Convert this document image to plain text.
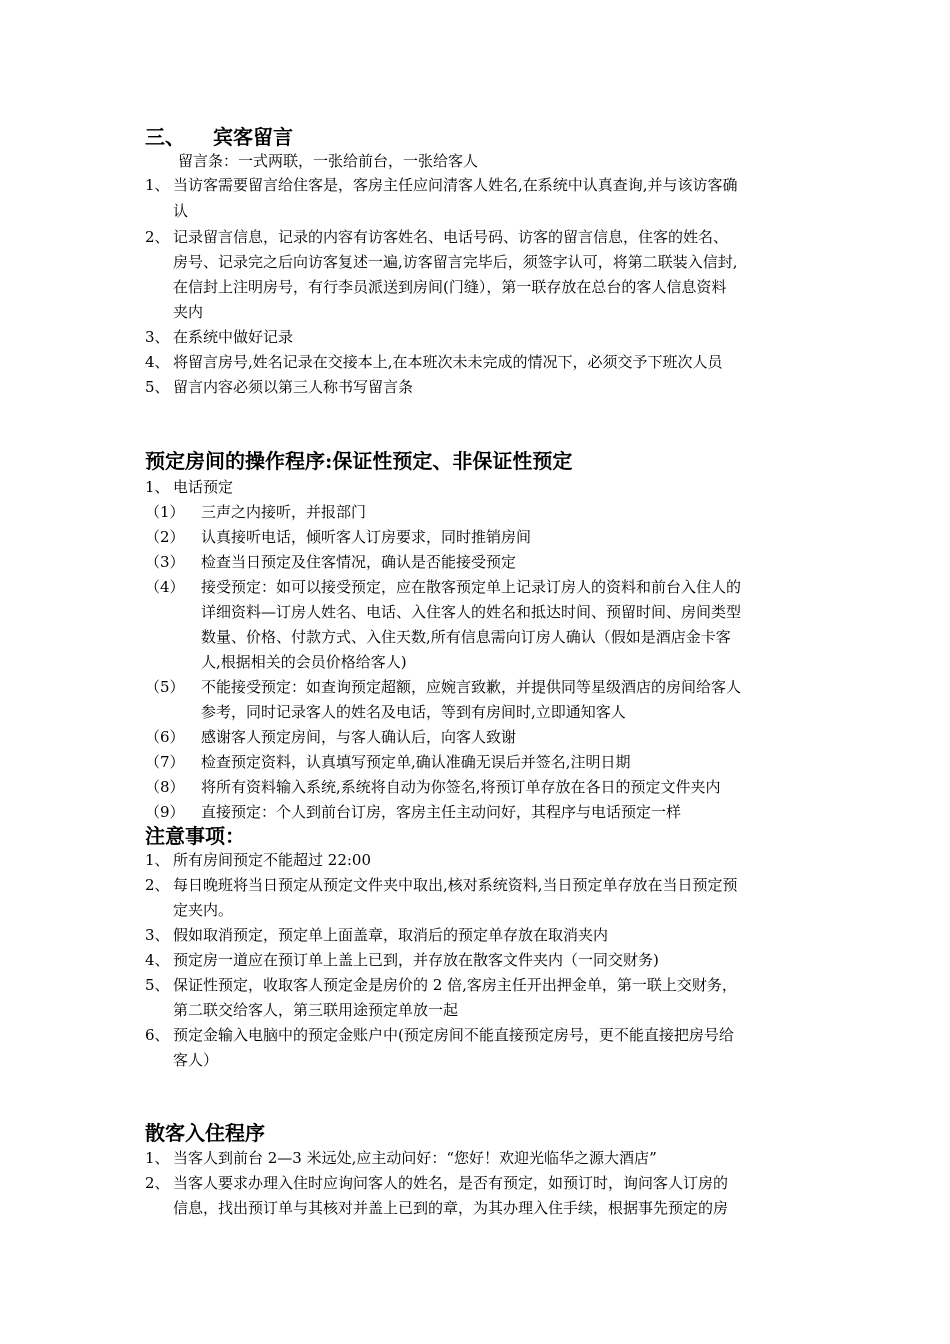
三、 宾客留言
留言条：一式两联，一张给前台，一张给客人
1、 当访客需要留言给住客是，客房主任应问清客人姓名,在系统中认真查询,并与该访客确
认
2、 记录留言信息，记录的内容有访客姓名、电话号码、访客的留言信息，住客的姓名、
房号、记录完之后向访客复述一遍,访客留言完毕后，须签字认可，将第二联装入信封,
在信封上注明房号，有行李员派送到房间(门缝），第一联存放在总台的客人信息资料
夹内
3、 在系统中做好记录
4、 将留言房号,姓名记录在交接本上,在本班次未未完成的情况下，必须交予下班次人员
5、 留言内容必须以第三人称书写留言条
预定房间的操作程序:保证性预定、非保证性预定
1、 电话预定
（1） 三声之内接听，并报部门
（2） 认真接听电话，倾听客人订房要求，同时推销房间
（3） 检查当日预定及住客情况，确认是否能接受预定
（4） 接受预定：如可以接受预定，应在散客预定单上记录订房人的资料和前台入住人的
详细资料—订房人姓名、电话、入住客人的姓名和抵达时间、预留时间、房间类型
数量、价格、付款方式、入住天数,所有信息需向订房人确认（假如是酒店金卡客
人,根据相关的会员价格给客人)
（5） 不能接受预定：如查询预定超额，应婉言致歉，并提供同等星级酒店的房间给客人
参考，同时记录客人的姓名及电话，等到有房间时,立即通知客人
（6） 感谢客人预定房间，与客人确认后，向客人致谢
（7） 检查预定资料，认真填写预定单,确认准确无误后并签名,注明日期
（8） 将所有资料输入系统,系统将自动为你签名,将预订单存放在各日的预定文件夹内
（9） 直接预定：个人到前台订房，客房主任主动问好，其程序与电话预定一样
注意事项：
1、 所有房间预定不能超过 22:00
2、 每日晚班将当日预定从预定文件夹中取出,核对系统资料,当日预定单存放在当日预定预
定夹内。
3、 假如取消预定，预定单上面盖章，取消后的预定单存放在取消夹内
4、 预定房一道应在预订单上盖上已到，并存放在散客文件夹内（一同交财务)
5、 保证性预定，收取客人预定金是房价的 2 倍,客房主任开出押金单，第一联上交财务，
第二联交给客人，第三联用途预定单放一起
6、 预定金输入电脑中的预定金账户中(预定房间不能直接预定房号，更不能直接把房号给
客人）
散客入住程序
1、 当客人到前台 2—3 米远处,应主动问好：“您好！欢迎光临华之源大酒店”
2、 当客人要求办理入住时应询问客人的姓名，是否有预定，如预订时，询问客人订房的
信息，找出预订单与其核对并盖上已到的章，为其办理入住手续，根据事先预定的房
